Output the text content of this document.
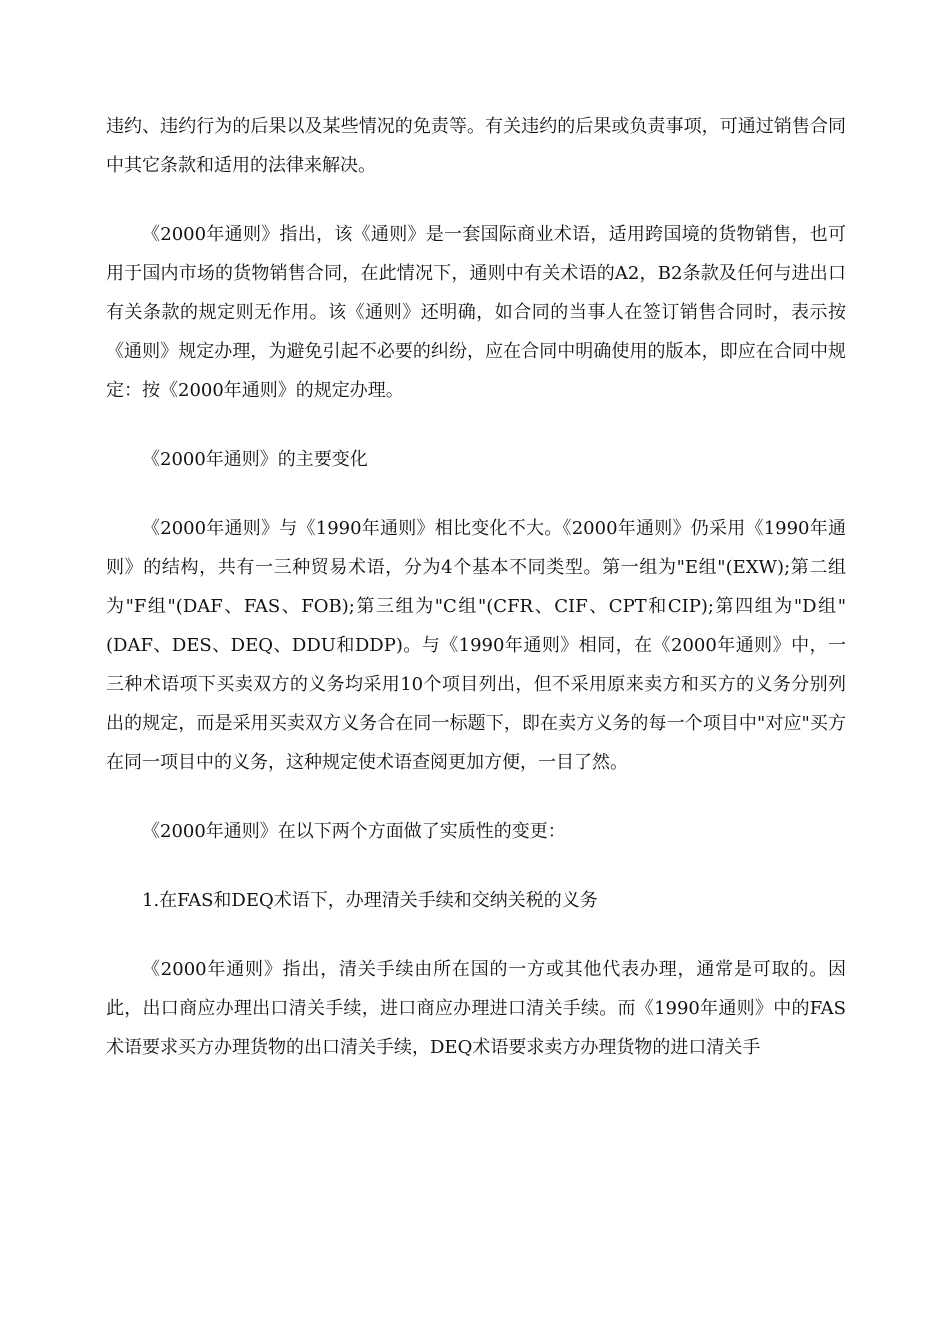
违约、违约行为的后果以及某些情况的免责等。有关违约的后果或负责事项，可通过销售合同中其它条款和适用的法律来解决。

《2000年通则》指出，该《通则》是一套国际商业术语，适用跨国境的货物销售，也可用于国内市场的货物销售合同，在此情况下，通则中有关术语的A2，B2条款及任何与进出口有关条款的规定则无作用。该《通则》还明确，如合同的当事人在签订销售合同时，表示按《通则》规定办理，为避免引起不必要的纠纷，应在合同中明确使用的版本，即应在合同中规定：按《2000年通则》的规定办理。

《2000年通则》的主要变化

《2000年通则》与《1990年通则》相比变化不大。《2000年通则》仍采用《1990年通则》的结构，共有一三种贸易术语，分为4个基本不同类型。第一组为"E组"(EXW);第二组为"F组"(DAF、FAS、FOB);第三组为"C组"(CFR、CIF、CPT和CIP);第四组为"D组"(DAF、DES、DEQ、DDU和DDP)。与《1990年通则》相同，在《2000年通则》中，一三种术语项下买卖双方的义务均采用10个项目列出，但不采用原来卖方和买方的义务分别列出的规定，而是采用买卖双方义务合在同一标题下，即在卖方义务的每一个项目中"对应"买方在同一项目中的义务，这种规定使术语查阅更加方便，一目了然。

《2000年通则》在以下两个方面做了实质性的变更：

1.在FAS和DEQ术语下，办理清关手续和交纳关税的义务

《2000年通则》指出，清关手续由所在国的一方或其他代表办理，通常是可取的。因此，出口商应办理出口清关手续，进口商应办理进口清关手续。而《1990年通则》中的FAS术语要求买方办理货物的出口清关手续，DEQ术语要求卖方办理货物的进口清关手
